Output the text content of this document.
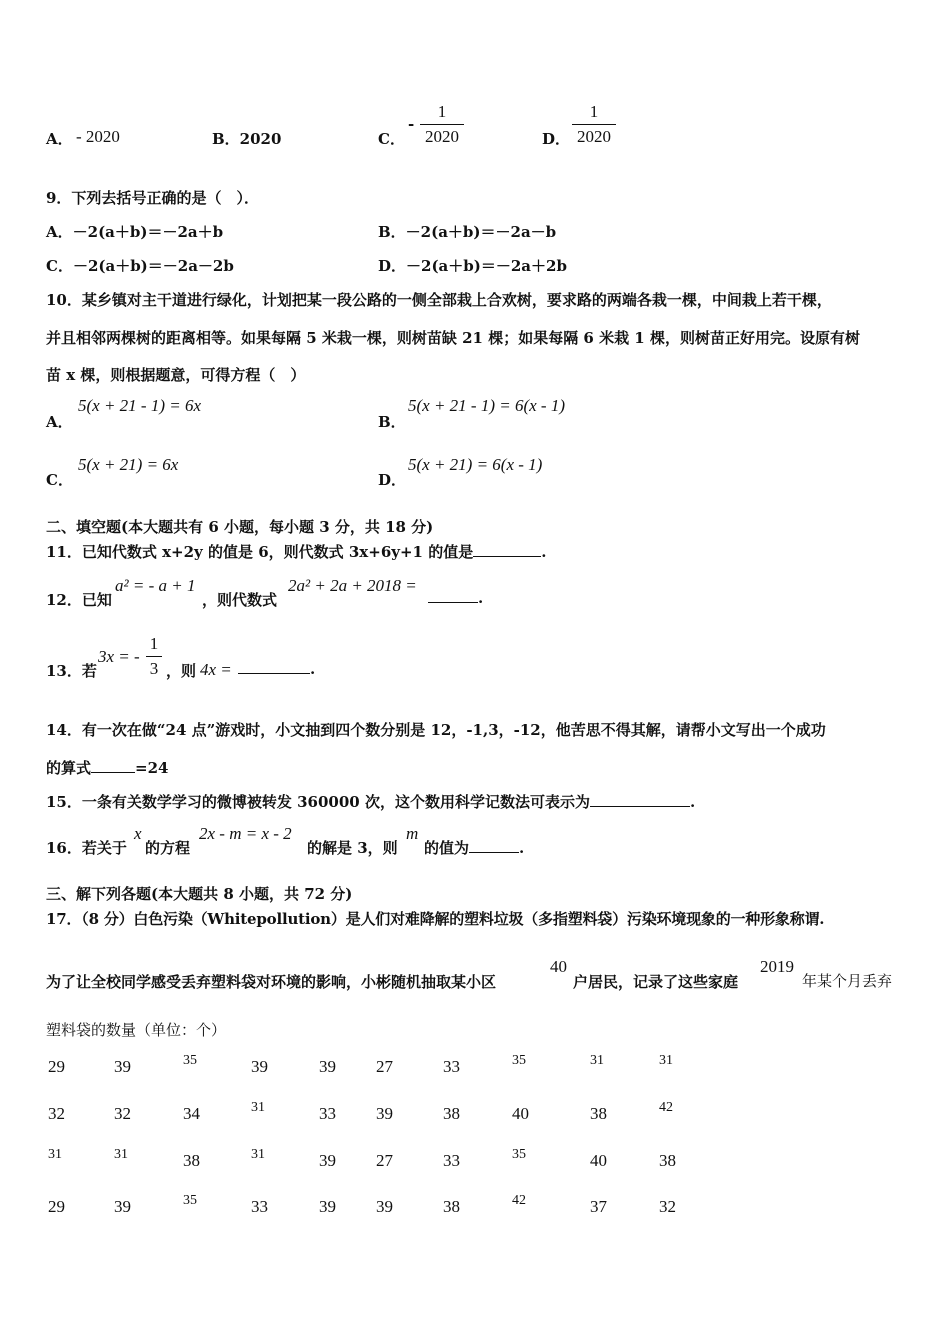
A． - 2020	B．2020	C．
-
1
2020	D．
1
2020
9．下列去括号正确的是（　）．
A．－2(a＋b)＝－2a＋b	B．－2(a＋b)＝－2a－b
C．－2(a＋b)＝－2a－2b	D．－2(a＋b)＝－2a＋2b
10．某乡镇对主干道进行绿化，计划把某一段公路的一侧全部栽上合欢树，要求路的两端各栽一棵，中间栽上若干棵，
并且相邻两棵树的距离相等。如果每隔 5 米栽一棵，则树苗缺 21 棵；如果每隔 6 米栽 1 棵，则树苗正好用完。设原有树
苗 x 棵，则根据题意，可得方程（　）
A．
5(x + 21 - 1) = 6x
B．
5(x + 21 - 1) = 6(x - 1)
C．
5(x + 21) = 6x
D．
5(x + 21) = 6(x - 1)
二、填空题(本大题共有 6 小题，每小题 3 分，共 18 分)
11．已知代数式 x+2y 的值是 6，则代数式 3x+6y+1 的值是	.
12．已知
a² = - a + 1
，则代数式
2a² + 2a + 2018 =
.
13．若
3x = -
1
3 ，则 4x =	.
14．有一次在做“24 点”游戏时，小文抽到四个数分别是 12，-1,3，-12，他苦思不得其解，请帮小文写出一个成功
的算式	=24
15．一条有关数学学习的微博被转发 360000 次，这个数用科学记数法可表示为	.
16．若关于
x
的方程
2x - m = x - 2
的解是 3，则
m
的值为	.
三、解下列各题(本大题共 8 小题，共 72 分)
17．（8 分）白色污染（Whitepollution）是人们对难降解的塑料垃圾（多指塑料袋）污染环境现象的一种形象称谓.
为了让全校同学感受丢弃塑料袋对环境的影响，小彬随机抽取某小区
40
户居民，记录了这些家庭
2019
年某个月丢弃
塑料袋的数量（单位：个）
29	39	35	39	39 27	33	35	31	31
32	32	34	31	33 39	38	40	38	42
31	31	38	31	39 27	33	35	40	38
29	39	35	33	39 39	38	42	37	32
